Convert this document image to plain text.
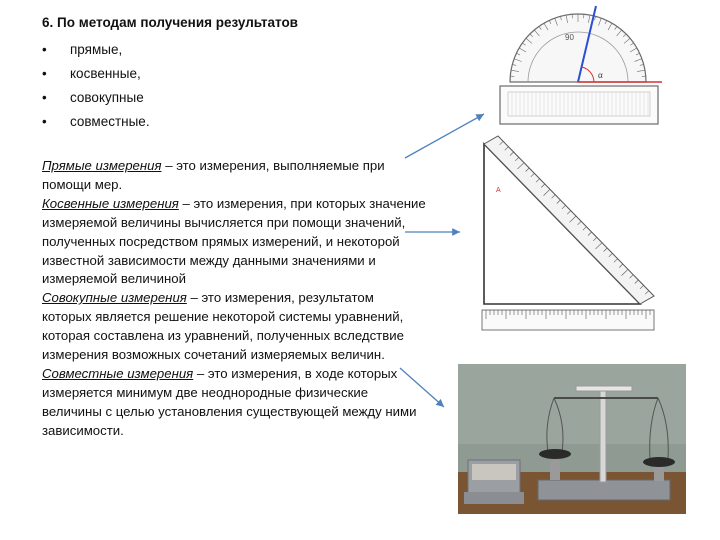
6. По методам получения результатов
•	прямые,
•	косвенные,
•	совокупные
•	совместные.

Прямые измерения – это измерения, выполняемые при помощи мер.

Косвенные измерения – это измерения, при которых значение измеряемой величины вычисляется при помощи значений, полученных посредством прямых измерений, и некоторой известной зависимости между данными значениями и измеряемой величиной

Совокупные измерения – это измерения, результатом которых является решение некоторой системы уравнений, которая составлена из уравнений, полученных вследствие измерения возможных сочетаний измеряемых величин.

Совместные измерения – это измерения, в ходе которых измеряется минимум две неоднородные физические величины с целью установления существующей между ними зависимости.

90
α
A
